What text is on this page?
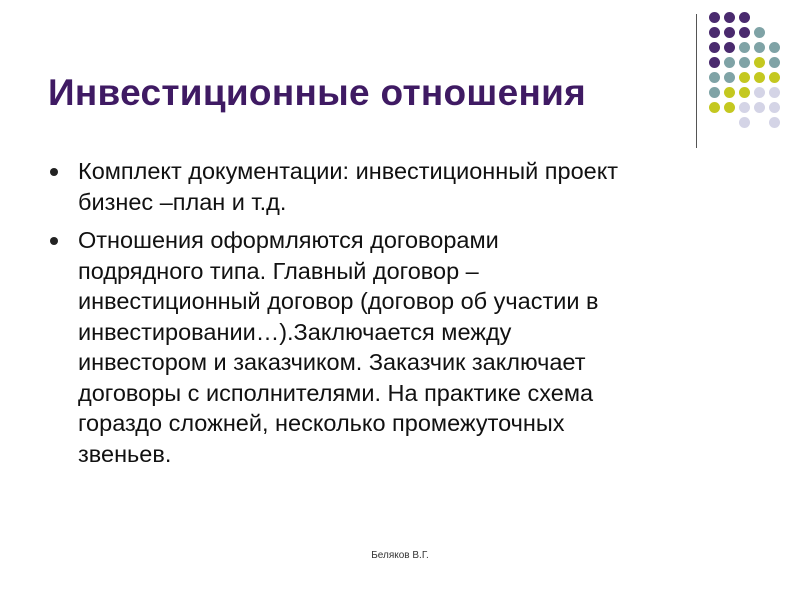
Инвестиционные отношения
Комплект документации: инвестиционный проект
бизнес –план и т.д.
Отношения оформляются договорами
подрядного типа. Главный договор –
инвестиционный договор (договор об участии в
инвестировании…).Заключается между
инвестором и заказчиком. Заказчик заключает
договоры с исполнителями. На практике схема
гораздо сложней, несколько промежуточных
звеньев.
Беляков В.Г.
